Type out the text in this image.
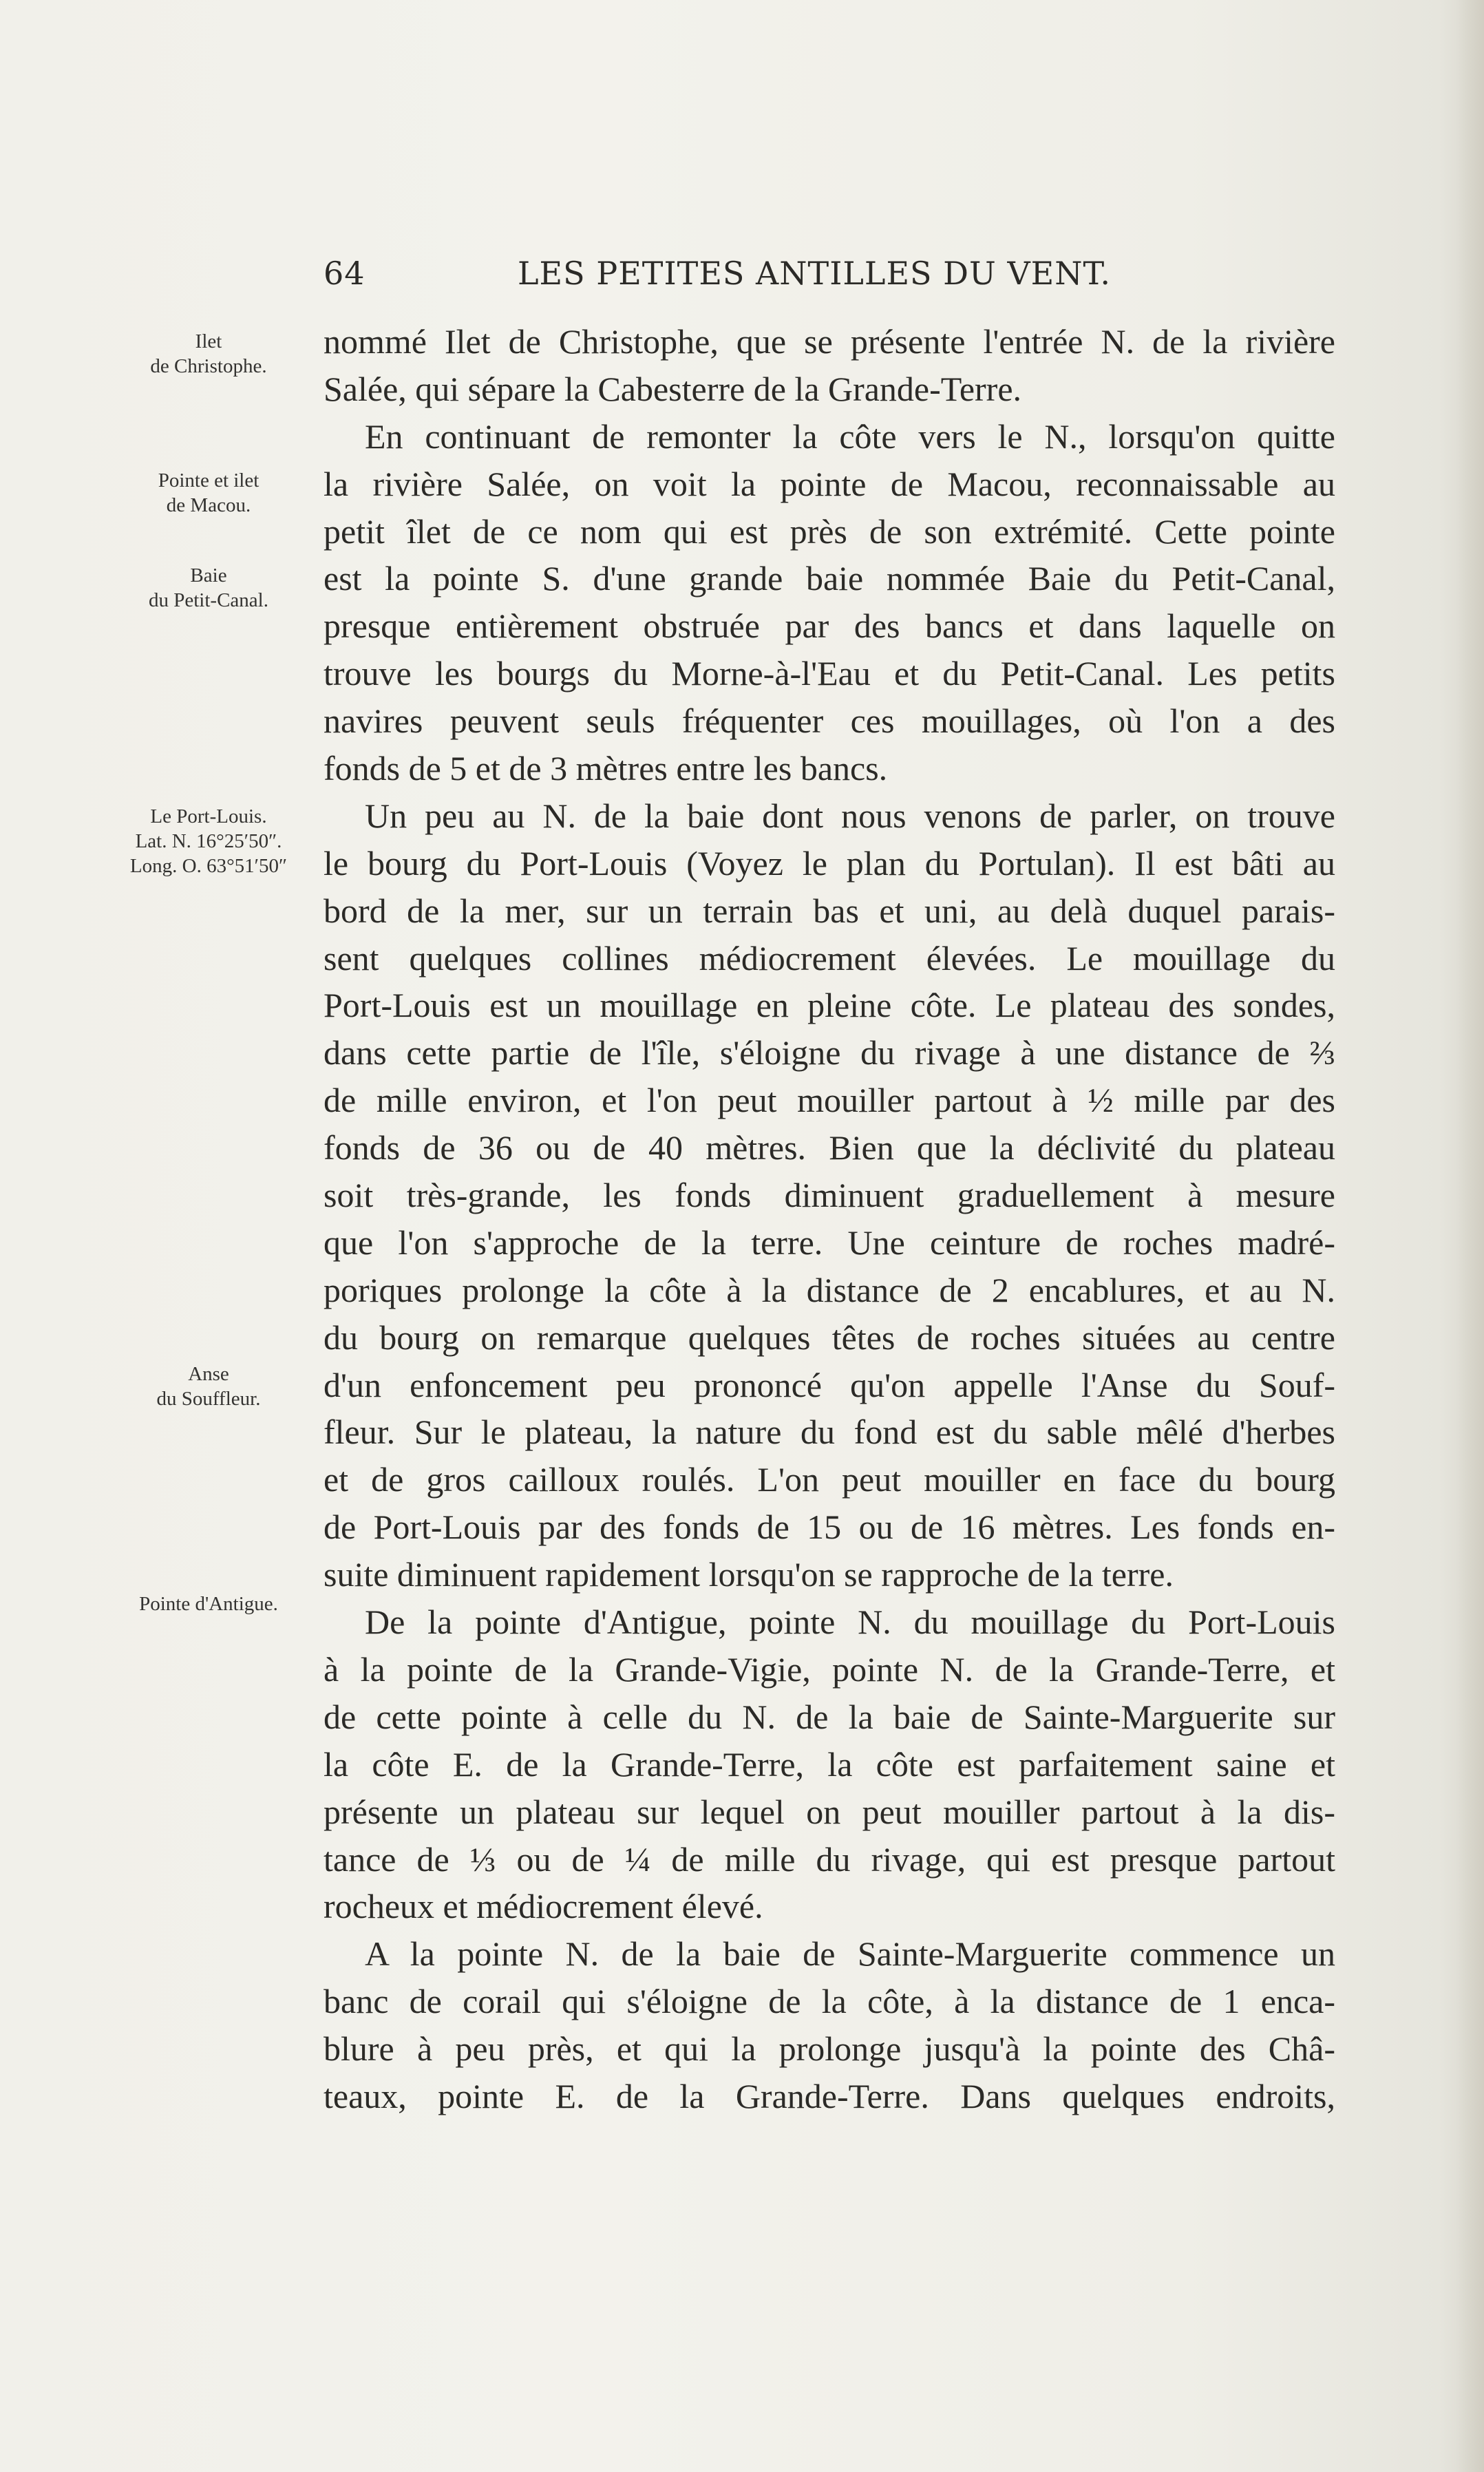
64	LES PETITES ANTILLES DU VENT.
Ilet
de Christophe.
Pointe et ilet
de Macou.
Baie
du Petit-Canal.
Le Port-Louis.
Lat. N. 16°25′50″.
Long. O. 63°51′50″
Anse
du Souffleur.
Pointe d'Antigue.
nommé Ilet de Christophe, que se présente l'entrée N. de la rivière
Salée, qui sépare la Cabesterre de la Grande-Terre.
En continuant de remonter la côte vers le N., lorsqu'on quitte
la rivière Salée, on voit la pointe de Macou, reconnaissable au
petit îlet de ce nom qui est près de son extrémité. Cette pointe
est la pointe S. d'une grande baie nommée Baie du Petit-Canal,
presque entièrement obstruée par des bancs et dans laquelle on
trouve les bourgs du Morne-à-l'Eau et du Petit-Canal. Les petits
navires peuvent seuls fréquenter ces mouillages, où l'on a des
fonds de 5 et de 3 mètres entre les bancs.
Un peu au N. de la baie dont nous venons de parler, on trouve
le bourg du Port-Louis (Voyez le plan du Portulan). Il est bâti au
bord de la mer, sur un terrain bas et uni, au delà duquel parais-
sent quelques collines médiocrement élevées. Le mouillage du
Port-Louis est un mouillage en pleine côte. Le plateau des sondes,
dans cette partie de l'île, s'éloigne du rivage à une distance de ⅔
de mille environ, et l'on peut mouiller partout à ½ mille par des
fonds de 36 ou de 40 mètres. Bien que la déclivité du plateau
soit très-grande, les fonds diminuent graduellement à mesure
que l'on s'approche de la terre. Une ceinture de roches madré-
poriques prolonge la côte à la distance de 2 encablures, et au N.
du bourg on remarque quelques têtes de roches situées au centre
d'un enfoncement peu prononcé qu'on appelle l'Anse du Souf-
fleur. Sur le plateau, la nature du fond est du sable mêlé d'herbes
et de gros cailloux roulés. L'on peut mouiller en face du bourg
de Port-Louis par des fonds de 15 ou de 16 mètres. Les fonds en-
suite diminuent rapidement lorsqu'on se rapproche de la terre.
De la pointe d'Antigue, pointe N. du mouillage du Port-Louis
à la pointe de la Grande-Vigie, pointe N. de la Grande-Terre, et
de cette pointe à celle du N. de la baie de Sainte-Marguerite sur
la côte E. de la Grande-Terre, la côte est parfaitement saine et
présente un plateau sur lequel on peut mouiller partout à la dis-
tance de ⅓ ou de ¼ de mille du rivage, qui est presque partout
rocheux et médiocrement élevé.
A la pointe N. de la baie de Sainte-Marguerite commence un
banc de corail qui s'éloigne de la côte, à la distance de 1 enca-
blure à peu près, et qui la prolonge jusqu'à la pointe des Châ-
teaux, pointe E. de la Grande-Terre. Dans quelques endroits,
